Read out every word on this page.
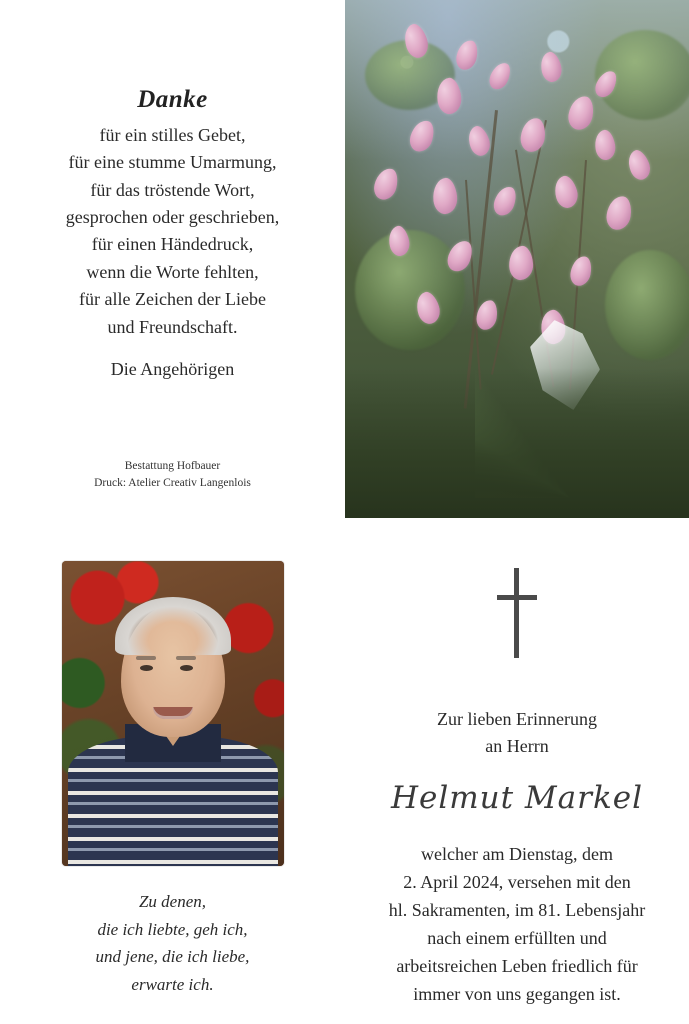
Danke
für ein stilles Gebet,
für eine stumme Umarmung,
für das tröstende Wort,
gesprochen oder geschrieben,
für einen Händedruck,
wenn die Worte fehlten,
für alle Zeichen der Liebe
und Freundschaft.
Die Angehörigen
Bestattung Hofbauer
Druck: Atelier Creativ Langenlois
Zu denen,
die ich liebte, geh ich,
und jene, die ich liebe,
erwarte ich.
Zur lieben Erinnerung
an Herrn
Helmut Markel
welcher am Dienstag, dem
2. April 2024, versehen mit den
hl. Sakramenten, im 81. Lebensjahr
nach einem erfüllten und
arbeitsreichen Leben friedlich für
immer von uns gegangen ist.
